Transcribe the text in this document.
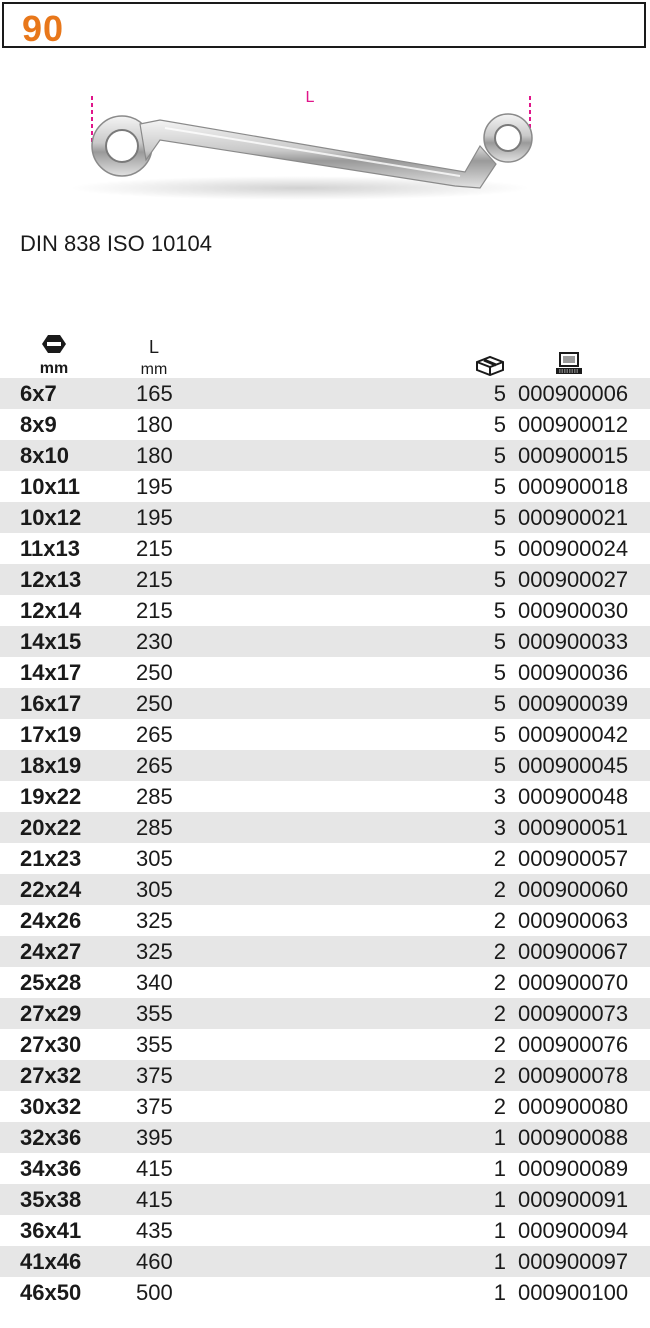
90
L
DIN 838 ISO 10104
mm
L
mm
6x7	165	5 000900006
8x9	180	5 000900012
8x10	180	5 000900015
10x11	195	5 000900018
10x12 195	5 000900021
11x13	215	5 000900024
12x13 215	5 000900027
12x14 215	5 000900030
14x15 230	5 000900033
14x17 250	5 000900036
16x17 250	5 000900039
17x19 265	5 000900042
18x19 265	5 000900045
19x22 285	3 000900048
20x22 285	3 000900051
21x23 305	2 000900057
22x24 305	2 000900060
24x26 325	2 000900063
24x27 325	2 000900067
25x28 340	2 000900070
27x29 355	2 000900073
27x30 355	2 000900076
27x32 375	2 000900078
30x32 375	2 000900080
32x36 395	1 000900088
34x36 415	1 000900089
35x38 415	1 000900091
36x41 435	1 000900094
41x46 460	1 000900097
46x50 500	1 000900100
